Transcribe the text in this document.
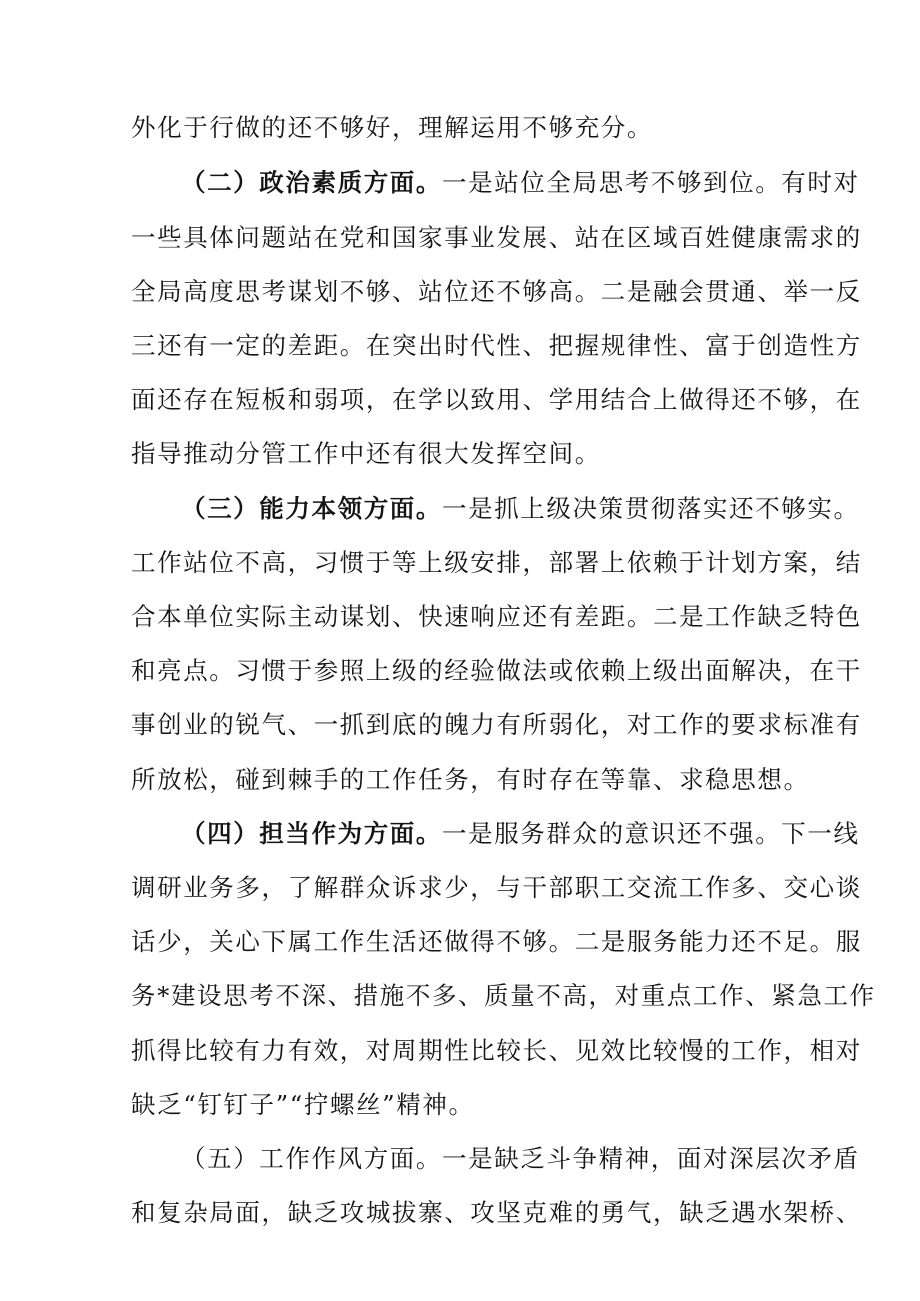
外化于行做的还不够好，理解运用不够充分。
（二）政治素质方面。一是站位全局思考不够到位。有时对
一些具体问题站在党和国家事业发展、站在区域百姓健康需求的
全局高度思考谋划不够、站位还不够高。二是融会贯通、举一反
三还有一定的差距。在突出时代性、把握规律性、富于创造性方
面还存在短板和弱项，在学以致用、学用结合上做得还不够，在
指导推动分管工作中还有很大发挥空间。
（三）能力本领方面。一是抓上级决策贯彻落实还不够实。
工作站位不高，习惯于等上级安排，部署上依赖于计划方案，结
合本单位实际主动谋划、快速响应还有差距。二是工作缺乏特色
和亮点。习惯于参照上级的经验做法或依赖上级出面解决，在干
事创业的锐气、一抓到底的魄力有所弱化，对工作的要求标准有
所放松，碰到棘手的工作任务，有时存在等靠、求稳思想。
（四）担当作为方面。一是服务群众的意识还不强。下一线
调研业务多，了解群众诉求少，与干部职工交流工作多、交心谈
话少，关心下属工作生活还做得不够。二是服务能力还不足。服
务*建设思考不深、措施不多、质量不高，对重点工作、紧急工作
抓得比较有力有效，对周期性比较长、见效比较慢的工作，相对
缺乏“钉钉子”“拧螺丝”精神。
（五）工作作风方面。一是缺乏斗争精神，面对深层次矛盾
和复杂局面，缺乏攻城拔寨、攻坚克难的勇气，缺乏遇水架桥、
